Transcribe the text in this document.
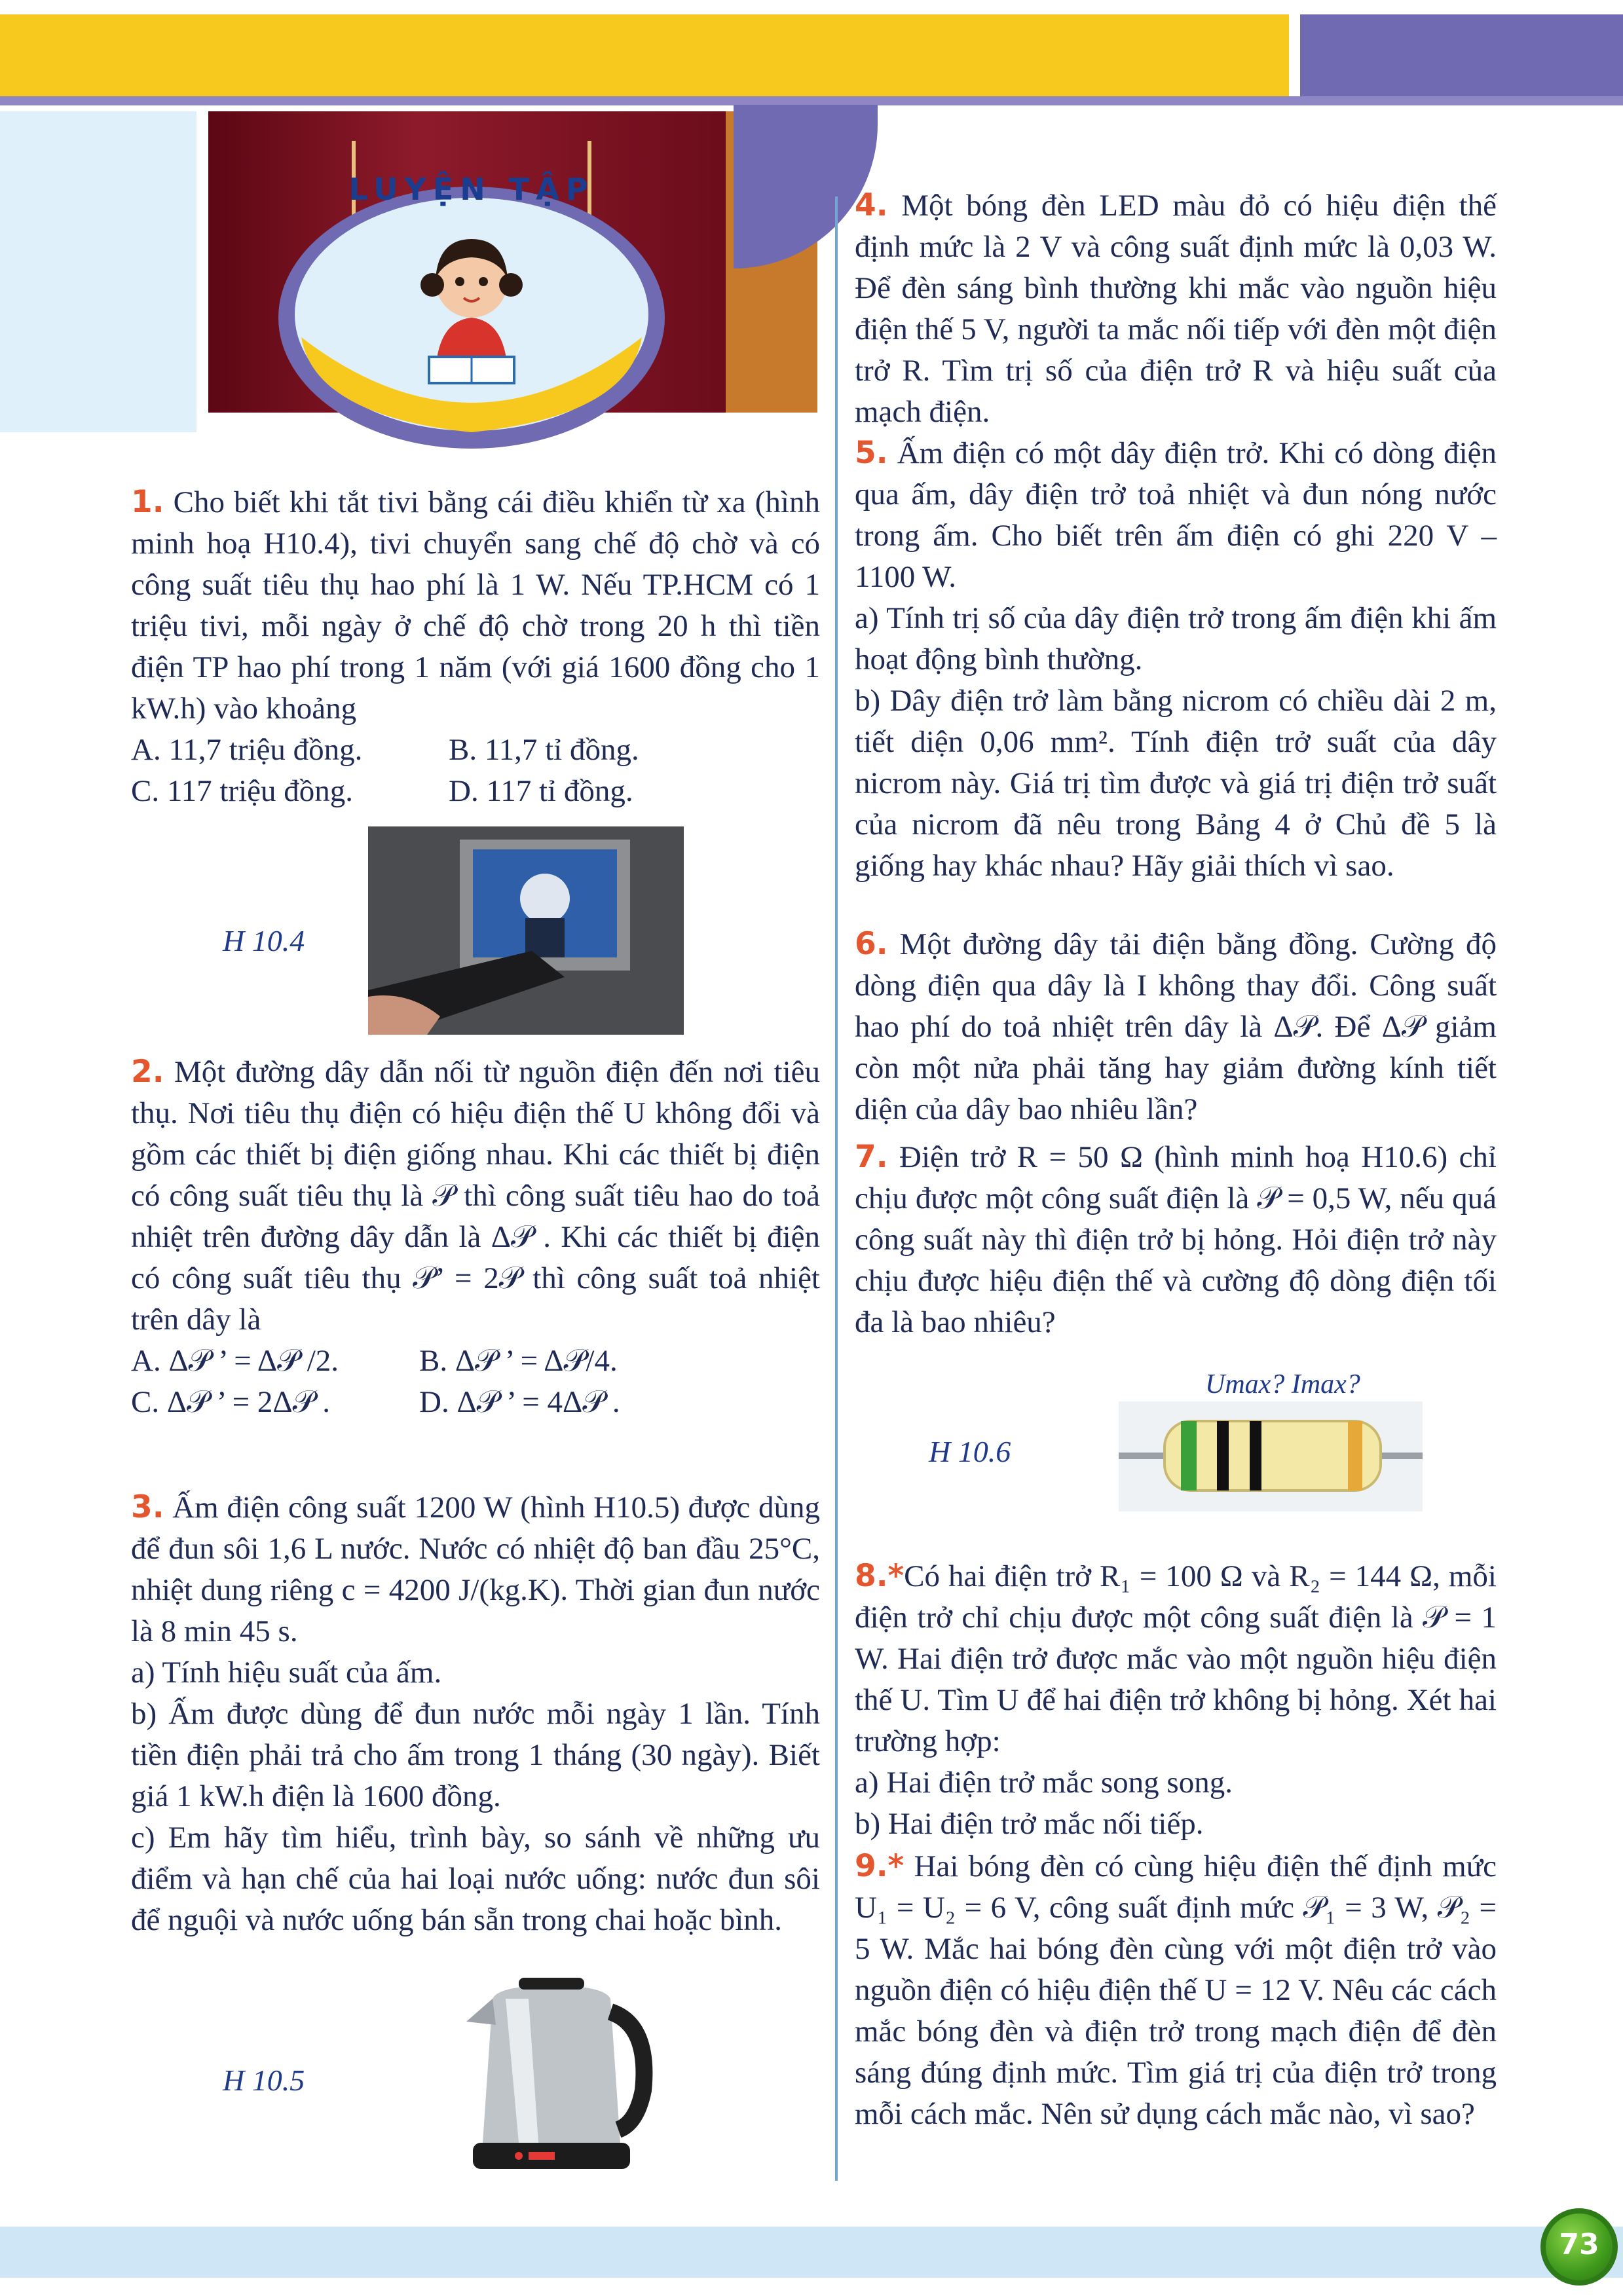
LUYỆN TẬP

1. Cho biết khi tắt tivi bằng cái điều khiển từ xa (hình minh hoạ H10.4), tivi chuyển sang chế độ chờ và có công suất tiêu thụ hao phí là 1 W. Nếu TP.HCM có 1 triệu tivi, mỗi ngày ở chế độ chờ trong 20 h thì tiền điện TP hao phí trong 1 năm (với giá 1600 đồng cho 1 kW.h) vào khoảng

A. 11,7 triệu đồng.	B. 11,7 tỉ đồng.
C. 117 triệu đồng.	D. 117 tỉ đồng.
H 10.4

2. Một đường dây dẫn nối từ nguồn điện đến nơi tiêu thụ. Nơi tiêu thụ điện có hiệu điện thế U không đổi và gồm các thiết bị điện giống nhau. Khi các thiết bị điện có công suất tiêu thụ là 𝒫 thì công suất tiêu hao do toả nhiệt trên đường dây dẫn là Δ𝒫 . Khi các thiết bị điện có công suất tiêu thụ 𝒫’ = 2𝒫 thì công suất toả nhiệt trên dây là

A. Δ𝒫 ’ = Δ𝒫 /2.	B. Δ𝒫 ’ = Δ𝒫/4.
C. Δ𝒫 ’ = 2Δ𝒫 .	D. Δ𝒫 ’ = 4Δ𝒫 .

3. Ấm điện công suất 1200 W (hình H10.5) được dùng để đun sôi 1,6 L nước. Nước có nhiệt độ ban đầu 25°C, nhiệt dung riêng c = 4200 J/(kg.K). Thời gian đun nước là 8 min 45 s.

a) Tính hiệu suất của ấm.

b) Ấm được dùng để đun nước mỗi ngày 1 lần. Tính tiền điện phải trả cho ấm trong 1 tháng (30 ngày). Biết giá 1 kW.h điện là 1600 đồng.

c) Em hãy tìm hiểu, trình bày, so sánh về những ưu điểm và hạn chế của hai loại nước uống: nước đun sôi để nguội và nước uống bán sẵn trong chai hoặc bình.

H 10.5

4. Một bóng đèn LED màu đỏ có hiệu điện thế định mức là 2 V và công suất định mức là 0,03 W. Để đèn sáng bình thường khi mắc vào nguồn hiệu điện thế 5 V, người ta mắc nối tiếp với đèn một điện trở R. Tìm trị số của điện trở R và hiệu suất của mạch điện.

5. Ấm điện có một dây điện trở. Khi có dòng điện qua ấm, dây điện trở toả nhiệt và đun nóng nước trong ấm. Cho biết trên ấm điện có ghi 220 V – 1100 W.

a) Tính trị số của dây điện trở trong ấm điện khi ấm hoạt động bình thường.

b) Dây điện trở làm bằng nicrom có chiều dài 2 m, tiết diện 0,06 mm². Tính điện trở suất của dây nicrom này. Giá trị tìm được và giá trị điện trở suất của nicrom đã nêu trong Bảng 4 ở Chủ đề 5 là giống hay khác nhau? Hãy giải thích vì sao.

6. Một đường dây tải điện bằng đồng. Cường độ dòng điện qua dây là I không thay đổi. Công suất hao phí do toả nhiệt trên dây là Δ𝒫. Để Δ𝒫 giảm còn một nửa phải tăng hay giảm đường kính tiết diện của dây bao nhiêu lần?

7. Điện trở R = 50 Ω (hình minh hoạ H10.6) chỉ chịu được một công suất điện là 𝒫 = 0,5 W, nếu quá công suất này thì điện trở bị hỏng. Hỏi điện trở này chịu được hiệu điện thế và cường độ dòng điện tối đa là bao nhiêu?

H 10.6
Umax? Imax?

8.*Có hai điện trở R₁ = 100 Ω và R₂ = 144 Ω, mỗi điện trở chỉ chịu được một công suất điện là 𝒫 = 1 W. Hai điện trở được mắc vào một nguồn hiệu điện thế U. Tìm U để hai điện trở không bị hỏng. Xét hai trường hợp:

a) Hai điện trở mắc song song.

b) Hai điện trở mắc nối tiếp.

9.* Hai bóng đèn có cùng hiệu điện thế định mức U₁ = U₂ = 6 V, công suất định mức 𝒫₁ = 3 W, 𝒫₂ = 5 W. Mắc hai bóng đèn cùng với một điện trở vào nguồn điện có hiệu điện thế U = 12 V. Nêu các cách mắc bóng đèn và điện trở trong mạch điện để đèn sáng đúng định mức. Tìm giá trị của điện trở trong mỗi cách mắc. Nên sử dụng cách mắc nào, vì sao?

73
